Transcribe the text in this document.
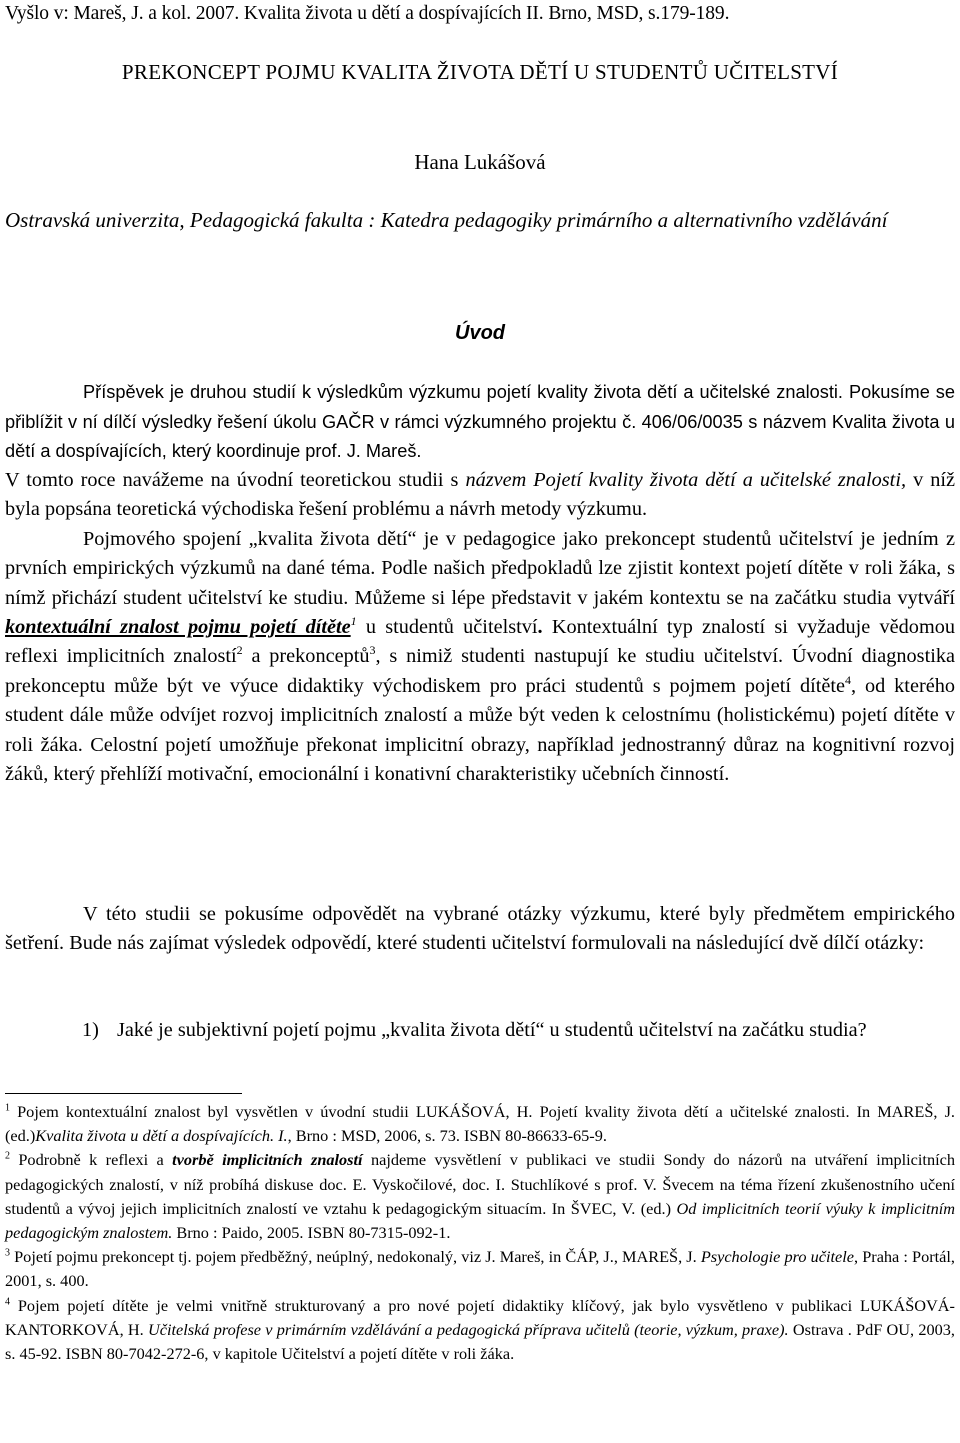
Vyšlo v: Mareš, J. a kol. 2007. Kvalita života u dětí a dospívajících II. Brno, MSD, s.179-189.
PREKONCEPT POJMU KVALITA ŽIVOTA DĚTÍ U STUDENTŮ UČITELSTVÍ
Hana Lukášová
Ostravská univerzita, Pedagogická fakulta : Katedra pedagogiky primárního a alternativního vzdělávání
Úvod
Příspěvek je druhou studií k výsledkům výzkumu pojetí kvality života dětí a učitelské znalosti. Pokusíme se přiblížit v ní dílčí výsledky řešení úkolu GAČR v rámci výzkumného projektu č. 406/06/0035 s názvem Kvalita života u dětí a dospívajících, který koordinuje prof. J. Mareš.
V tomto roce navážeme na úvodní teoretickou studii s názvem Pojetí kvality života dětí a učitelské znalosti, v níž byla popsána teoretická východiska řešení problému a návrh metody výzkumu.
Pojmového spojení „kvalita života dětí“ je v pedagogice jako prekoncept studentů učitelství je jedním z prvních empirických výzkumů na dané téma. Podle našich předpokladů lze zjistit kontext pojetí dítěte v roli žáka, s nímž přichází student učitelství ke studiu. Můžeme si lépe představit v jakém kontextu se na začátku studia vytváří kontextuální znalost pojmu pojetí dítěte$^1$ u studentů učitelství. Kontextuální typ znalostí si vyžaduje vědomou reflexi implicitních znalostí$^2$ a prekonceptů$^3$, s nimiž studenti nastupují ke studiu učitelství. Úvodní diagnostika prekonceptu může být ve výuce didaktiky východiskem pro práci studentů s pojmem pojetí dítěte$^4$, od kterého student dále může odvíjet rozvoj implicitních znalostí a může být veden k celostnímu (holistickému) pojetí dítěte v roli žáka. Celostní pojetí umožňuje překonat implicitní obrazy, například jednostranný důraz na kognitivní rozvoj žáků, který přehlíží motivační, emocionální i konativní charakteristiky učebních činností.
V této studii se pokusíme odpovědět na vybrané otázky výzkumu, které byly předmětem empirického šetření. Bude nás zajímat výsledek odpovědí, které studenti učitelství formulovali na následující dvě dílčí otázky:
1) Jaké je subjektivní pojetí pojmu „kvalita života dětí“ u studentů učitelství na začátku studia?

$^1$ Pojem kontextuální znalost byl vysvětlen v úvodní studii LUKÁŠOVÁ, H. Pojetí kvality života dětí a učitelské znalosti. In MAREŠ, J. (ed.)Kvalita života u dětí a dospívajících. I., Brno : MSD, 2006, s. 73. ISBN 80-86633-65-9.

$^2$ Podrobně k reflexi a tvorbě implicitních znalostí najdeme vysvětlení v publikaci ve studii Sondy do názorů na utváření implicitních pedagogických znalostí, v níž probíhá diskuse doc. E. Vyskočilové, doc. I. Stuchlíkové s prof. V. Švecem na téma řízení zkušenostního učení studentů a vývoj jejich implicitních znalostí ve vztahu k pedagogickým situacím. In ŠVEC, V. (ed.) Od implicitních teorií výuky k implicitním pedagogickým znalostem. Brno : Paido, 2005. ISBN 80-7315-092-1.

$^3$ Pojetí pojmu prekoncept tj. pojem předběžný, neúplný, nedokonalý, viz J. Mareš, in ČÁP, J., MAREŠ, J. Psychologie pro učitele, Praha : Portál, 2001, s. 400.

$^4$ Pojem pojetí dítěte je velmi vnitřně strukturovaný a pro nové pojetí didaktiky klíčový, jak bylo vysvětleno v publikaci LUKÁŠOVÁ-KANTORKOVÁ, H. Učitelská profese v primárním vzdělávání a pedagogická příprava učitelů (teorie, výzkum, praxe). Ostrava . PdF OU, 2003, s. 45-92. ISBN 80-7042-272-6, v kapitole Učitelství a pojetí dítěte v roli žáka.
